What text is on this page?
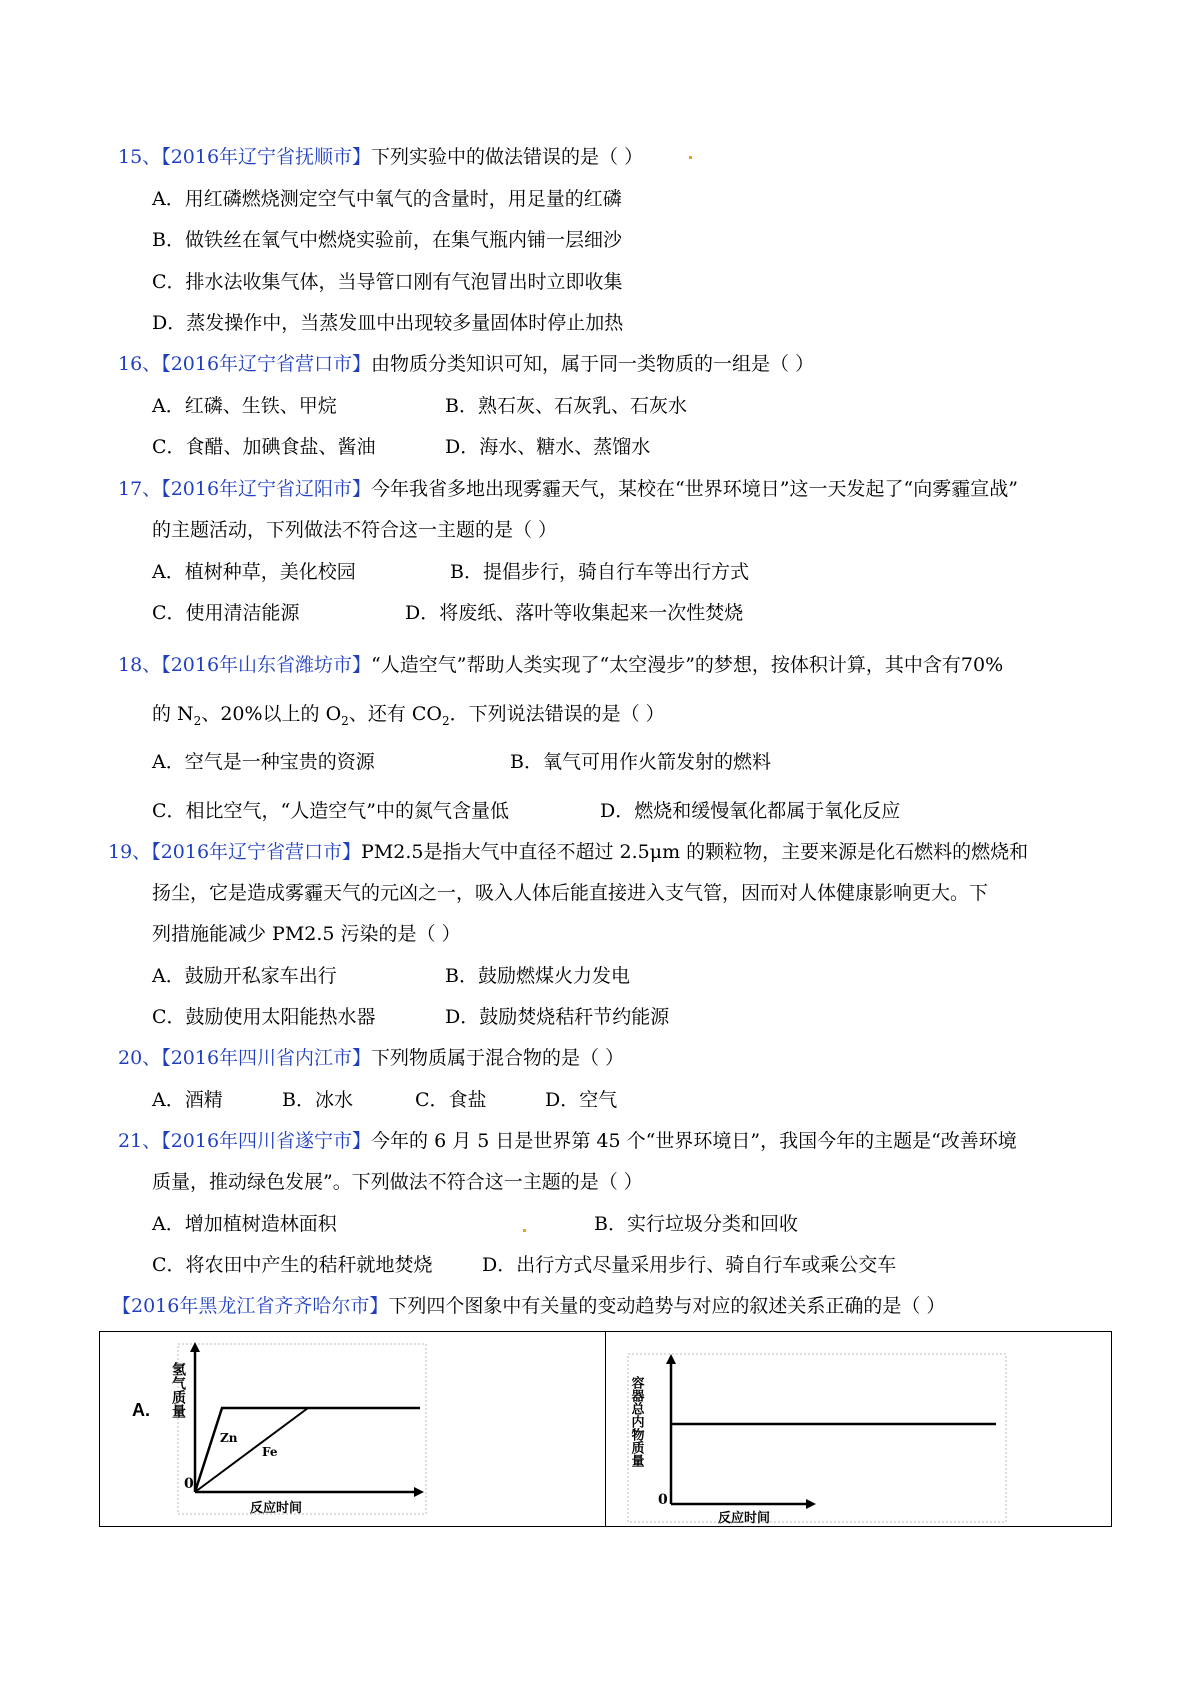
15、【2016年辽宁省抚顺市】下列实验中的做法错误的是（ ）
A．用红磷燃烧测定空气中氧气的含量时，用足量的红磷
B．做铁丝在氧气中燃烧实验前，在集气瓶内铺一层细沙
C．排水法收集气体，当导管口刚有气泡冒出时立即收集
D．蒸发操作中，当蒸发皿中出现较多量固体时停止加热
16、【2016年辽宁省营口市】由物质分类知识可知，属于同一类物质的一组是（ ）
A．红磷、生铁、甲烷	B．熟石灰、石灰乳、石灰水
C．食醋、加碘食盐、酱油	D．海水、糖水、蒸馏水
17、【2016年辽宁省辽阳市】今年我省多地出现雾霾天气，某校在“世界环境日”这一天发起了“向雾霾宣战”
的主题活动，下列做法不符合这一主题的是（ ）
A．植树种草，美化校园	B．提倡步行，骑自行车等出行方式
C．使用清洁能源	D．将废纸、落叶等收集起来一次性焚烧
18、【2016年山东省潍坊市】“人造空气”帮助人类实现了“太空漫步”的梦想，按体积计算，其中含有70%
的 $N_2$、20%以上的 $O_2$、还有 $CO_2$．下列说法错误的是（ ）
A．空气是一种宝贵的资源	B．氧气可用作火箭发射的燃料
C．相比空气，“人造空气”中的氮气含量低	D．燃烧和缓慢氧化都属于氧化反应
19、【2016年辽宁省营口市】PM2.5是指大气中直径不超过 2.5μm 的颗粒物，主要来源是化石燃料的燃烧和
扬尘，它是造成雾霾天气的元凶之一，吸入人体后能直接进入支气管，因而对人体健康影响更大。下
列措施能减少 PM2.5 污染的是（ ）
A．鼓励开私家车出行	B．鼓励燃煤火力发电
C．鼓励使用太阳能热水器	D．鼓励焚烧秸秆节约能源
20、【2016年四川省内江市】下列物质属于混合物的是（ ）
A．酒精	B．冰水	C．食盐	D．空气
21、【2016年四川省遂宁市】今年的 6 月 5 日是世界第 45 个“世界环境日”，我国今年的主题是“改善环境
质量，推动绿色发展”。下列做法不符合这一主题的是（ ）
A．增加植树造林面积	B．实行垃圾分类和回收
C．将农田中产生的秸秆就地焚烧	D．出行方式尽量采用步行、骑自行车或乘公交车
【2016年黑龙江省齐齐哈尔市】下列四个图象中有关量的变动趋势与对应的叙述关系正确的是（ ）
A. 氢气质量
0
反应时间
Zn
Fe	容器总内物质量
0
反应时间
